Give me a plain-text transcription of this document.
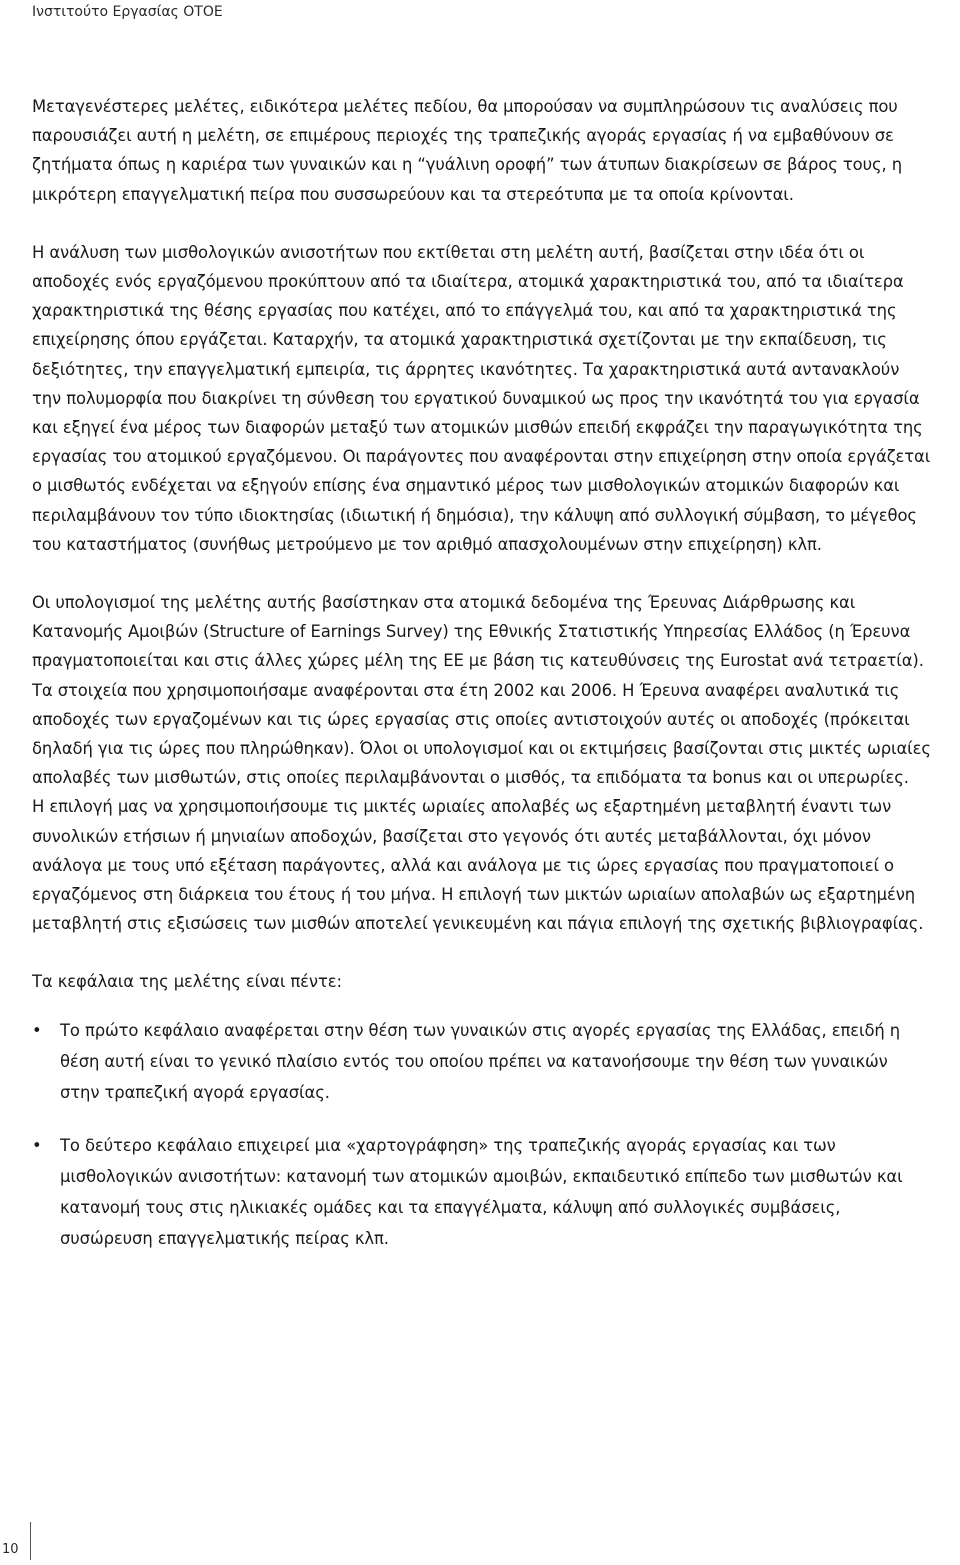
Ινστιτούτο Εργασίας ΟΤΟΕ

Μεταγενέστερες μελέτες, ειδικότερα μελέτες πεδίου, θα μπορούσαν να συμπληρώσουν τις αναλύσεις που παρουσιάζει αυτή η μελέτη, σε επιμέρους περιοχές της τραπεζικής αγοράς εργασίας ή να εμβαθύνουν σε ζητήματα όπως η καριέρα των γυναικών και η “γυάλινη οροφή” των άτυπων διακρίσεων σε βάρος τους, η μικρότερη επαγγελματική πείρα που συσσωρεύουν και τα στερεότυπα με τα οποία κρίνονται.

Η ανάλυση των μισθολογικών ανισοτήτων που εκτίθεται στη μελέτη αυτή, βασίζεται στην ιδέα ότι οι αποδοχές ενός εργαζόμενου προκύπτουν από τα ιδιαίτερα, ατομικά χαρακτηριστικά του, από τα ιδιαίτερα χαρακτηριστικά της θέσης εργασίας που κατέχει, από το επάγγελμά του, και από τα χαρακτηριστικά της επιχείρησης όπου εργάζεται. Καταρχήν, τα ατομικά χαρακτηριστικά σχετίζονται με την εκπαίδευση, τις δεξιότητες, την επαγγελματική εμπειρία, τις άρρητες ικανότητες. Τα χαρακτηριστικά αυτά αντανακλούν την πολυμορφία που διακρίνει τη σύνθεση του εργατικού δυναμικού ως προς την ικανότητά του για εργασία και εξηγεί ένα μέρος των διαφορών μεταξύ των ατομικών μισθών επειδή εκφράζει την παραγωγικότητα της εργασίας του ατομικού εργαζόμενου. Οι παράγοντες που αναφέρονται στην επιχείρηση στην οποία εργάζεται ο μισθωτός ενδέχεται να εξηγούν επίσης ένα σημαντικό μέρος των μισθολογικών ατομικών διαφορών και περιλαμβάνουν τον τύπο ιδιοκτησίας (ιδιωτική ή δημόσια), την κάλυψη από συλλογική σύμβαση, το μέγεθος του καταστήματος (συνήθως μετρούμενο με τον αριθμό απασχολουμένων στην επιχείρηση) κλπ.

Οι υπολογισμοί της μελέτης αυτής βασίστηκαν στα ατομικά δεδομένα της Έρευνας Διάρθρωσης και Κατανομής Αμοιβών (Structure of Earnings Survey) της Εθνικής Στατιστικής Υπηρεσίας Ελλάδος (η Έρευνα πραγματοποιείται και στις άλλες χώρες μέλη της ΕΕ με βάση τις κατευθύνσεις της Eurostat ανά τετραετία). Τα στοιχεία που χρησιμοποιήσαμε αναφέρονται στα έτη 2002 και 2006. Η Έρευνα αναφέρει αναλυτικά τις αποδοχές των εργαζομένων και τις ώρες εργασίας στις οποίες αντιστοιχούν αυτές οι αποδοχές (πρόκειται δηλαδή για τις ώρες που πληρώθηκαν). Όλοι οι υπολογισμοί και οι εκτιμήσεις βασίζονται στις μικτές ωριαίες απολαβές των μισθωτών, στις οποίες περιλαμβάνονται ο μισθός, τα επιδόματα τα bonus και οι υπερωρίες.

Η επιλογή μας να χρησιμοποιήσουμε τις μικτές ωριαίες απολαβές ως εξαρτημένη μεταβλητή έναντι των συνολικών ετήσιων ή μηνιαίων αποδοχών, βασίζεται στο γεγονός ότι αυτές μεταβάλλονται, όχι μόνον ανάλογα με τους υπό εξέταση παράγοντες, αλλά και ανάλογα με τις ώρες εργασίας που πραγματοποιεί ο εργαζόμενος στη διάρκεια του έτους ή του μήνα. Η επιλογή των μικτών ωριαίων απολαβών ως εξαρτημένη μεταβλητή στις εξισώσεις των μισθών αποτελεί γενικευμένη και πάγια επιλογή της σχετικής βιβλιογραφίας.

Τα κεφάλαια της μελέτης είναι πέντε:

• Το πρώτο κεφάλαιο αναφέρεται στην θέση των γυναικών στις αγορές εργασίας της Ελλάδας, επειδή η θέση αυτή είναι το γενικό πλαίσιο εντός του οποίου πρέπει να κατανοήσουμε την θέση των γυναικών στην τραπεζική αγορά εργασίας.
• Το δεύτερο κεφάλαιο επιχειρεί μια «χαρτογράφηση» της τραπεζικής αγοράς εργασίας και των μισθολογικών ανισοτήτων: κατανομή των ατομικών αμοιβών, εκπαιδευτικό επίπεδο των μισθωτών και κατανομή τους στις ηλικιακές ομάδες και τα επαγγέλματα, κάλυψη από συλλογικές συμβάσεις, συσώρευση επαγγελματικής πείρας κλπ.
10
